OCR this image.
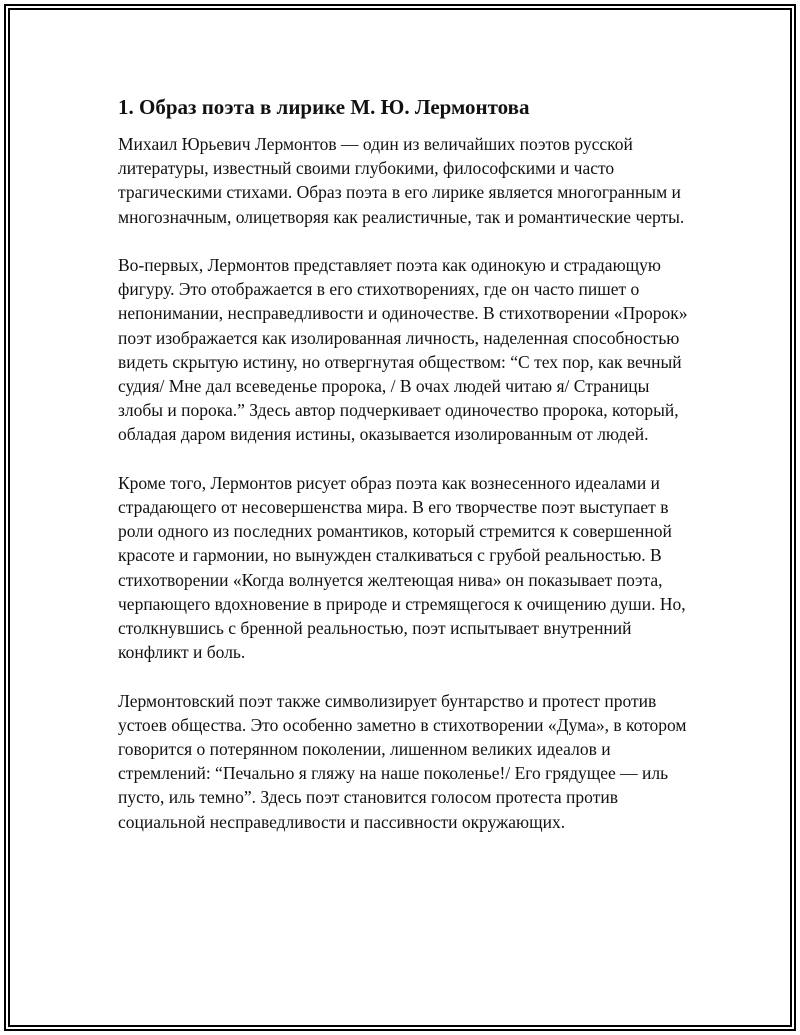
1. Образ поэта в лирике М. Ю. Лермонтова

Михаил Юрьевич Лермонтов — один из величайших поэтов русской литературы, известный своими глубокими, философскими и часто трагическими стихами. Образ поэта в его лирике является многогранным и многозначным, олицетворяя как реалистичные, так и романтические черты.

Во-первых, Лермонтов представляет поэта как одинокую и страдающую фигуру. Это отображается в его стихотворениях, где он часто пишет о непонимании, несправедливости и одиночестве. В стихотворении «Пророк» поэт изображается как изолированная личность, наделенная способностью видеть скрытую истину, но отвергнутая обществом: “С тех пор, как вечный судия/ Мне дал всеведенье пророка, / В очах людей читаю я/ Страницы злобы и порока.” Здесь автор подчеркивает одиночество пророка, который, обладая даром видения истины, оказывается изолированным от людей.

Кроме того, Лермонтов рисует образ поэта как вознесенного идеалами и страдающего от несовершенства мира. В его творчестве поэт выступает в роли одного из последних романтиков, который стремится к совершенной красоте и гармонии, но вынужден сталкиваться с грубой реальностью. В стихотворении «Когда волнуется желтеющая нива» он показывает поэта, черпающего вдохновение в природе и стремящегося к очищению души. Но, столкнувшись с бренной реальностью, поэт испытывает внутренний конфликт и боль.

Лермонтовский поэт также символизирует бунтарство и протест против устоев общества. Это особенно заметно в стихотворении «Дума», в котором говорится о потерянном поколении, лишенном великих идеалов и стремлений: “Печально я гляжу на наше поколенье!/ Его грядущее — иль пусто, иль темно”. Здесь поэт становится голосом протеста против социальной несправедливости и пассивности окружающих.
